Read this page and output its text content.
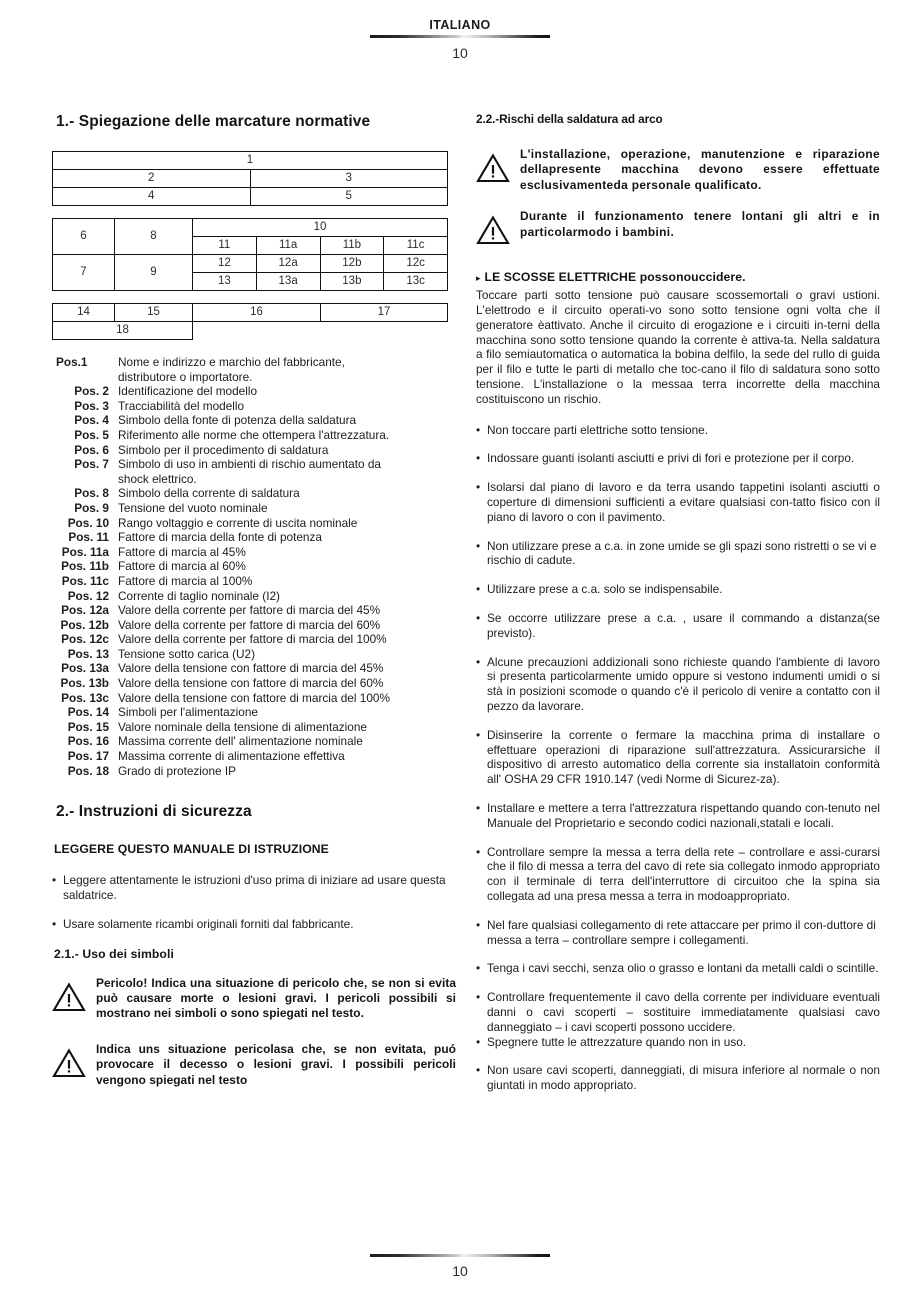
ITALIANO
10
1.- Spiegazione delle marcature normative
1	
2	3
4	5
6	8	10			
		11	11a	11b	11c
7	9	12	12a	12b	12c
		13	13a	13b	13c
14	15	16	17
18			
Pos.1	Nome e indirizzo e marchio del fabbricante,
distributore o importatore.
Pos. 2 Identificazione del modello
Pos. 3 Tracciabilità del modello
Pos. 4 Simbolo della fonte di potenza della saldatura
Pos. 5 Riferimento alle norme che ottempera l'attrezzatura.
Pos. 6 Simbolo per il procedimento di saldatura
Pos. 7 Simbolo di uso in ambienti di rischio aumentato da
shock elettrico.
Pos. 8 Simbolo della corrente di saldatura
Pos. 9 Tensione del vuoto nominale
Pos. 10 Rango voltaggio e corrente di uscita nominale
Pos. 11 Fattore di marcia della fonte di potenza
Pos. 11a Fattore di marcia al 45%
Pos. 11b Fattore di marcia al 60%
Pos. 11c Fattore di marcia al 100%
Pos. 12 Corrente di taglio nominale (I2)
Pos. 12a Valore della corrente per fattore di marcia del 45%
Pos. 12b Valore della corrente per fattore di marcia del 60%
Pos. 12c Valore della corrente per fattore di marcia del 100%
Pos. 13 Tensione sotto carica (U2)
Pos. 13a Valore della tensione con fattore di marcia del 45%
Pos. 13b Valore della tensione con fattore di marcia del 60%
Pos. 13c Valore della tensione con fattore di marcia del 100%
Pos. 14 Simboli per l'alimentazione
Pos. 15 Valore nominale della tensione di alimentazione
Pos. 16 Massima corrente dell' alimentazione nominale
Pos. 17 Massima corrente di alimentazione effettiva
Pos. 18 Grado di protezione IP
2.- Instruzioni di sicurezza
LEGGERE QUESTO MANUALE DI ISTRUZIONE
• Leggere attentamente le istruzioni d'uso prima di iniziare ad usare questa saldatrice.
• Usare solamente ricambi originali forniti dal fabbricante.
2.1.- Uso dei simboli
Pericolo! Indica una situazione di pericolo che, se non si evita può causare morte o lesioni gravi. I pericoli possibili si mostrano nei simboli o sono spiegati nel testo.
Indica uns situazione pericolasa che, se non evitata, puó provocare il decesso o lesioni gravi. I possibili pericoli vengono spiegati nel testo
2.2.-Rischi della saldatura ad arco
L'installazione, operazione, manutenzione e riparazione dellapresente macchina devono essere effettuate esclusivamenteda personale qualificato.
Durante il funzionamento tenere lontani gli altri e in particolarmodo i bambini.
▸ LE SCOSSE ELETTRICHE possonouccidere.

Toccare parti sotto tensione può causare scossemortali o gravi ustioni. L'elettrodo e il circuito operati-vo sono sotto tensione ogni volta che il generatore èattivato. Anche il circuito di erogazione e i circuiti in-terni della macchina sono sotto tensione quando la corrente è attiva-ta. Nella saldatura a filo semiautomatica o automatica la bobina delfilo, la sede del rullo di guida per il filo e tutte le parti di metallo che toc-cano il filo di saldatura sono sotto tensione. L'installazione o la messaa terra incorrette della macchina costituiscono un rischio.

• Non toccare parti elettriche sotto tensione.
• Indossare guanti isolanti asciutti e privi di fori e protezione per il corpo.
• Isolarsi dal piano di lavoro e da terra usando tappetini isolanti asciutti o coperture di dimensioni sufficienti a evitare qualsiasi con-tatto fisico con il piano di lavoro o con il pavimento.
• Non utilizzare prese a c.a. in zone umide se gli spazi sono ristretti o se vi e rischio di cadute.
• Utilizzare prese a c.a. solo se indispensabile.
• Se occorre utilizzare prese a c.a. , usare il commando a distanza(se previsto).
• Alcune precauzioni addizionali sono richieste quando l'ambiente di lavoro si presenta particolarmente umido oppure si vestono indumenti umidi o si stà in posizioni scomode o quando c'è il pericolo di venire a contatto con il pezzo da lavorare.
• Disinserire la corrente o fermare la macchina prima di installare o effettuare operazioni di riparazione sull'attrezzatura. Assicurarsiche il dispositivo di arresto automatico della corrente sia installatoin conformità all' OSHA 29 CFR 1910.147 (vedi Norme di Sicurez-za).
• Installare e mettere a terra l'attrezzatura rispettando quando con-tenuto nel Manuale del Proprietario e secondo codici nazionali,statali e locali.
• Controllare sempre la messa a terra della rete – controllare e assi-curarsi che il filo di messa a terra del cavo di rete sia collegato inmodo appropriato con il terminale di terra dell'interruttore di circuitoo che la spina sia collegata ad una presa messa a terra in modoappropriato.
• Nel fare qualsiasi collegamento di rete attaccare per primo il con-duttore di messa a terra – controllare sempre i collegamenti.
• Tenga i cavi secchi, senza olio o grasso e lontani da metalli caldi o scintille.
• Controllare frequentemente il cavo della corrente per individuare eventuali danni o cavi scoperti – sostituire immediatamente qualsiasi cavo danneggiato – i cavi scoperti possono uccidere.
• Spegnere tutte le attrezzature quando non in uso.
• Non usare cavi scoperti, danneggiati, di misura inferiore al normale o non giuntati in modo appropriato.
10
